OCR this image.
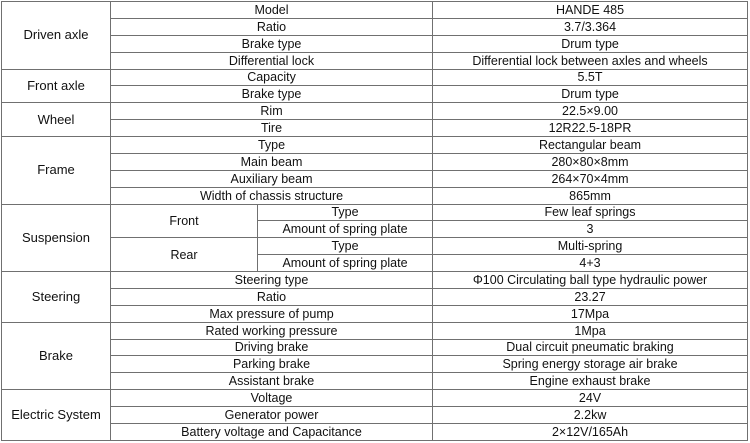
Driven axle	Model		HANDE 485
	Ratio		3.7/3.364
	Brake type		Drum type
	Differential lock		Differential lock between axles and wheels
Front axle	Capacity		5.5T
	Brake type		Drum type
Wheel	Rim		22.5×9.00
	Tire		12R22.5-18PR
Frame	Type		Rectangular beam
	Main beam		280×80×8mm
	Auxiliary beam		264×70×4mm
	Width of chassis structure		865mm
Suspension	Front	Type	Few leaf springs
		Amount of spring plate	3
	Rear	Type	Multi-spring
		Amount of spring plate	4+3
Steering	Steering type		Φ100 Circulating ball type hydraulic power
	Ratio		23.27
	Max pressure of pump		17Mpa
Brake	Rated working pressure		1Mpa
	Driving brake		Dual circuit pneumatic braking
	Parking brake		Spring energy storage air brake
	Assistant brake		Engine exhaust brake
Electric System	Voltage		24V
	Generator power		2.2kw
	Battery voltage and Capacitance		2×12V/165Ah
